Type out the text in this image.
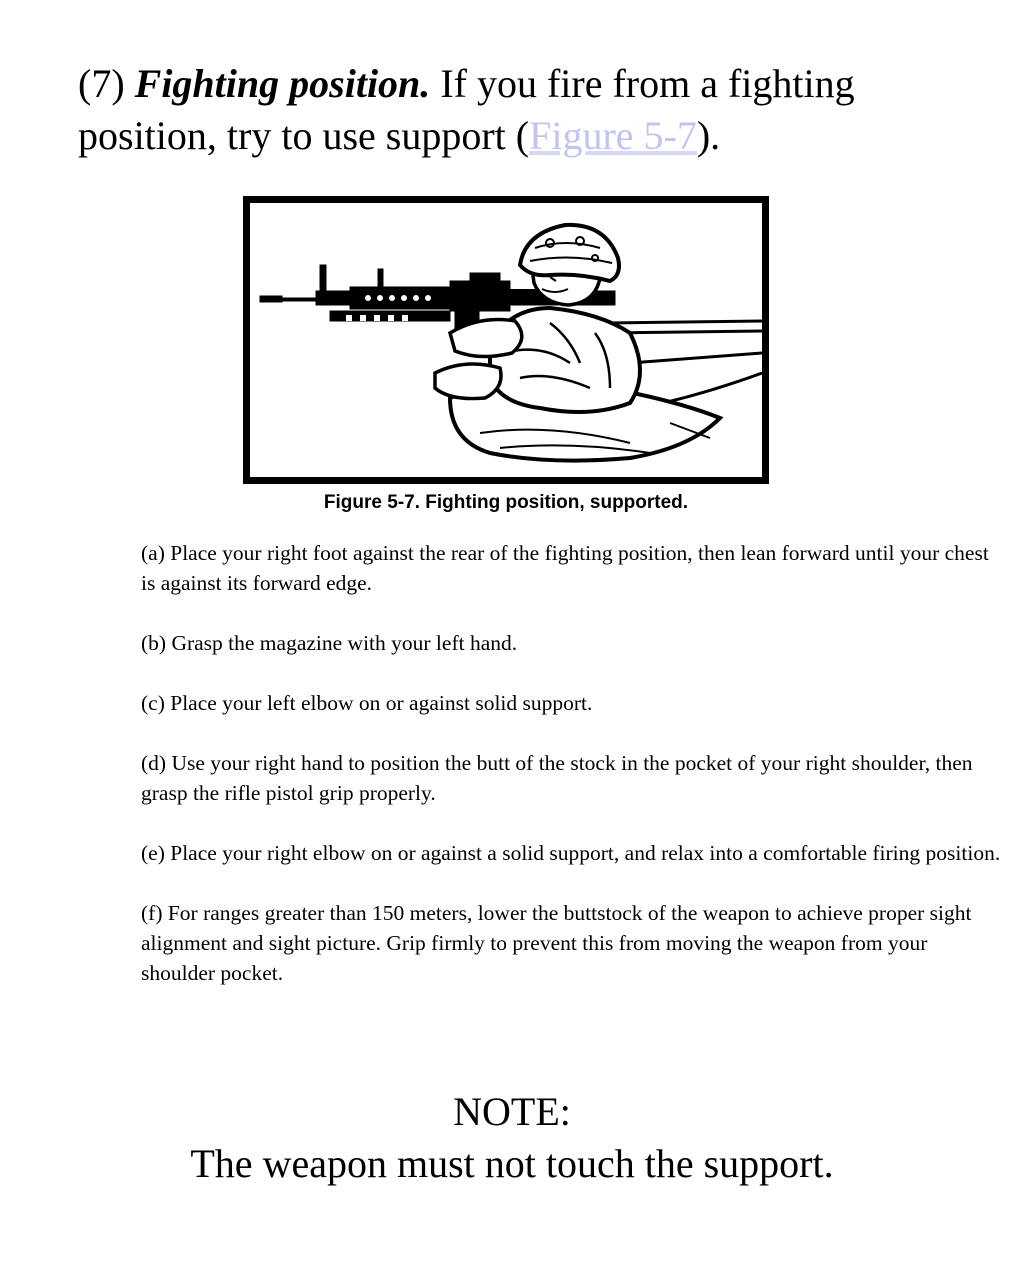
(7) Fighting position. If you fire from a fighting position, try to use support (Figure 5-7).

Figure 5-7. Fighting position, supported.
(a) Place your right foot against the rear of the fighting position, then lean forward until your chest is against its forward edge.
(b) Grasp the magazine with your left hand.
(c) Place your left elbow on or against solid support.
(d) Use your right hand to position the butt of the stock in the pocket of your right shoulder, then grasp the rifle pistol grip properly.
(e) Place your right elbow on or against a solid support, and relax into a comfortable firing position.
(f) For ranges greater than 150 meters, lower the buttstock of the weapon to achieve proper sight alignment and sight picture. Grip firmly to prevent this from moving the weapon from your shoulder pocket.
NOTE:
The weapon must not touch the support.
